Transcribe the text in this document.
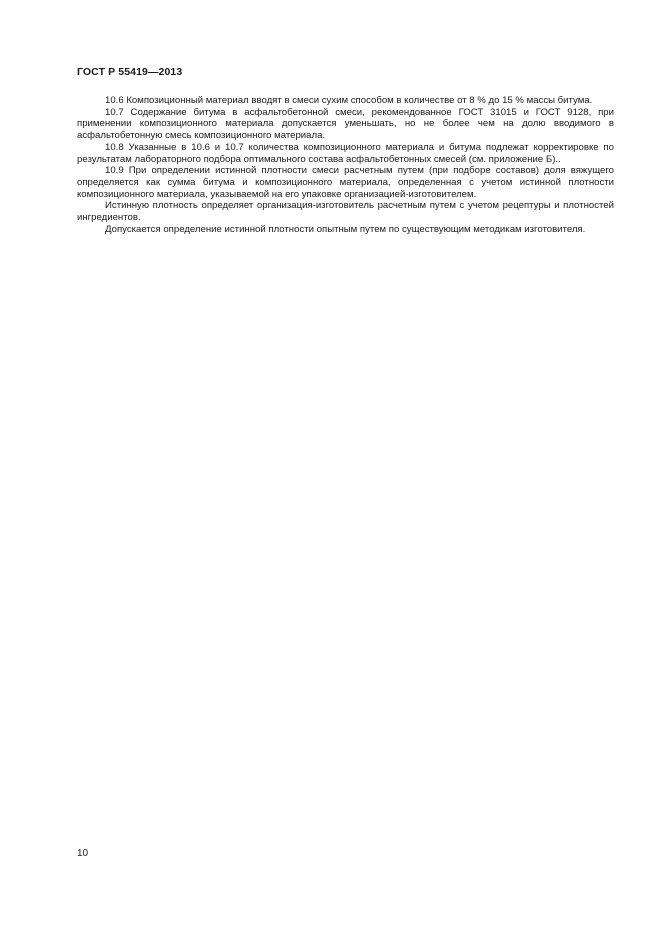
ГОСТ Р 55419—2013

10.6 Композиционный материал вводят в смеси сухим способом в количестве от 8 % до 15 % массы битума.

10.7 Содержание битума в асфальтобетонной смеси, рекомендованное ГОСТ 31015 и ГОСТ 9128, при применении композиционного материала допускается уменьшать, но не более чем на долю вводимого в асфальтобетонную смесь композиционного материала.

10.8 Указанные в 10.6 и 10.7 количества композиционного материала и битума подлежат корректировке по результатам лабораторного подбора оптимального состава асфальтобетонных смесей (см. приложение Б)..

10.9 При определении истинной плотности смеси расчетным путем (при подборе составов) доля вяжущего определяется как сумма битума и композиционного материала, определенная с учетом истинной плотности композиционного материала, указываемой на его упаковке организацией-изготовителем.

Истинную плотность определяет организация-изготовитель расчетным путем с учетом рецептуры и плотностей ингредиентов.

Допускается определение истинной плотности опытным путем по существующим методикам изготовителя.

10
